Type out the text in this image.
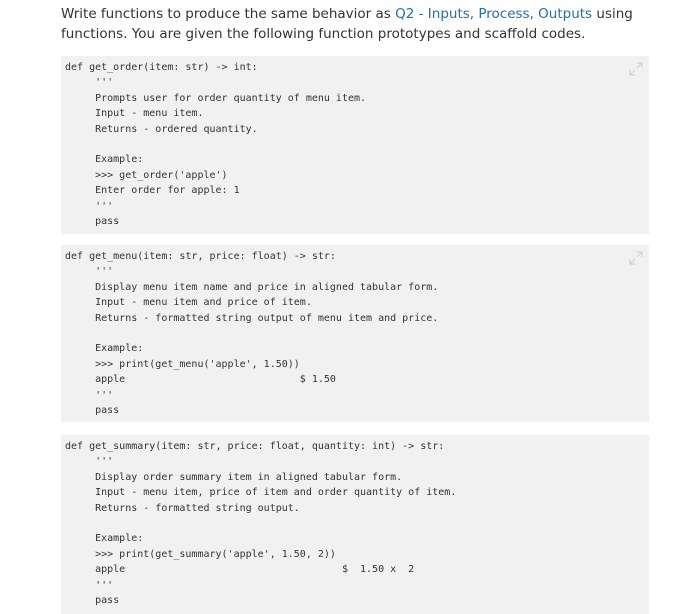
Write functions to produce the same behavior as Q2 - Inputs, Process, Outputs using functions. You are given the following function prototypes and scaffold codes.

def get_order(item: str) -> int:
'''
Prompts user for order quantity of menu item.
Input - menu item.
Returns - ordered quantity.

Example:
>>> get_order('apple')
Enter order for apple: 1
'''
pass
def get_menu(item: str, price: float) -> str:
'''
Display menu item name and price in aligned tabular form.
Input - menu item and price of item.
Returns - formatted string output of menu item and price.

Example:
>>> print(get_menu('apple', 1.50))
apple                             $ 1.50
'''
pass
def get_summary(item: str, price: float, quantity: int) -> str:
'''
Display order summary item in aligned tabular form.
Input - menu item, price of item and order quantity of item.
Returns - formatted string output.

Example:
>>> print(get_summary('apple', 1.50, 2))
apple                                    $  1.50 x  2
'''
pass
